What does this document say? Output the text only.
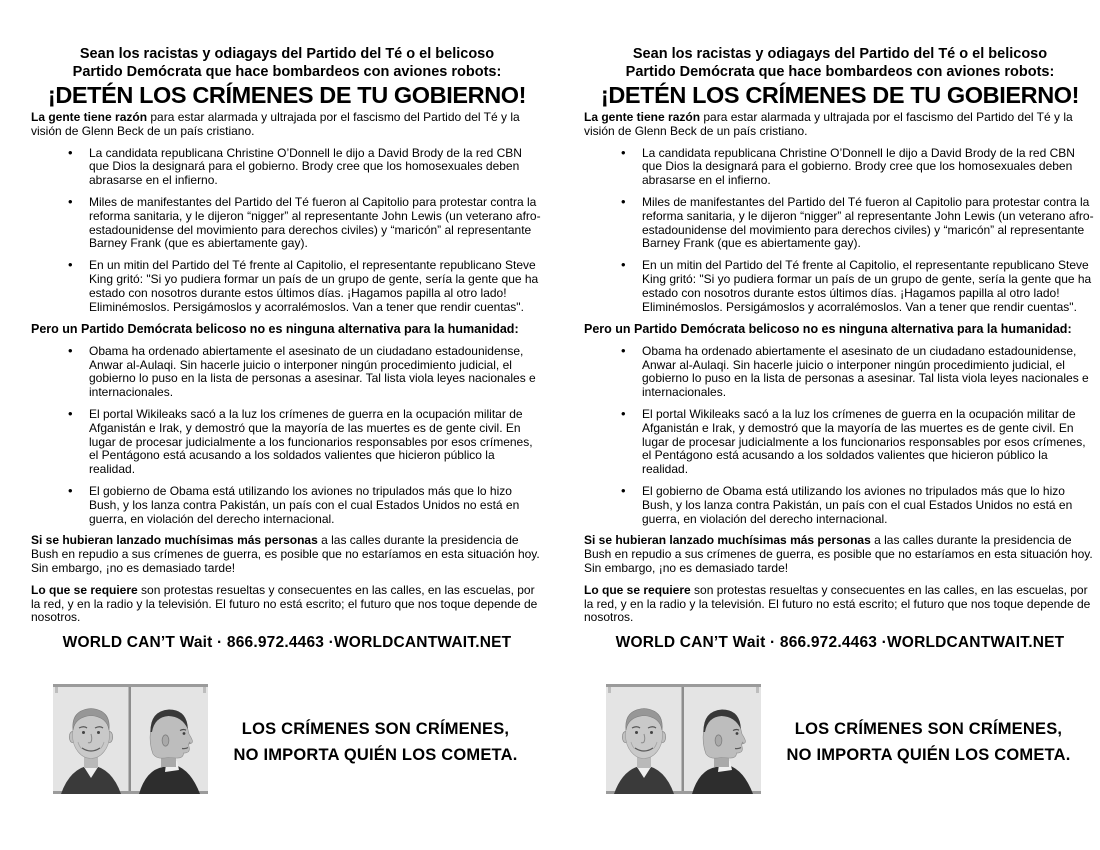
Sean los racistas y odiagays del Partido del Té o el belicoso
Partido Demócrata que hace bombardeos con aviones robots:
¡DETÉN LOS CRÍMENES DE TU GOBIERNO!

La gente tiene razón para estar alarmada y ultrajada por el fascismo del Partido del Té y la visión de Glenn Beck de un país cristiano.

• La candidata republicana Christine O’Donnell le dijo a David Brody de la red CBN que Dios la designará para el gobierno. Brody cree que los homosexuales deben abrasarse en el infierno.
• Miles de manifestantes del Partido del Té fueron al Capitolio para protestar contra la reforma sanitaria, y le dijeron “nigger” al representante John Lewis (un veterano afro-estadounidense del movimiento para derechos civiles) y “maricón” al representante Barney Frank (que es abiertamente gay).
• En un mitin del Partido del Té frente al Capitolio, el representante republicano Steve King gritó: "Si yo pudiera formar un país de un grupo de gente, sería la gente que ha estado con nosotros durante estos últimos días. ¡Hagamos papilla al otro lado! Eliminémoslos. Persigámoslos y acorralémoslos. Van a tener que rendir cuentas".
Pero un Partido Demócrata belicoso no es ninguna alternativa para la humanidad:
• Obama ha ordenado abiertamente el asesinato de un ciudadano estadounidense, Anwar al-Aulaqi. Sin hacerle juicio o interponer ningún procedimiento judicial, el gobierno lo puso en la lista de personas a asesinar. Tal lista viola leyes nacionales e internacionales.
• El portal Wikileaks sacó a la luz los crímenes de guerra en la ocupación militar de Afganistán e Irak, y demostró que la mayoría de las muertes es de gente civil. En lugar de procesar judicialmente a los funcionarios responsables por esos crímenes, el Pentágono está acusando a los soldados valientes que hicieron público la realidad.
• El gobierno de Obama está utilizando los aviones no tripulados más que lo hizo Bush, y los lanza contra Pakistán, un país con el cual Estados Unidos no está en guerra, en violación del derecho internacional.

Si se hubieran lanzado muchísimas más personas a las calles durante la presidencia de Bush en repudio a sus crímenes de guerra, es posible que no estaríamos en esta situación hoy. Sin embargo, ¡no es demasiado tarde!

Lo que se requiere son protestas resueltas y consecuentes en las calles, en las escuelas, por la red, y en la radio y la televisión. El futuro no está escrito; el futuro que nos toque depende de nosotros.

WORLD CAN’T Wait · 866.972.4463 ·WORLDCANTWAIT.NET
LOS CRÍMENES SON CRÍMENES,
NO IMPORTA QUIÉN LOS COMETA.
Sean los racistas y odiagays del Partido del Té o el belicoso
Partido Demócrata que hace bombardeos con aviones robots:
¡DETÉN LOS CRÍMENES DE TU GOBIERNO!

La gente tiene razón para estar alarmada y ultrajada por el fascismo del Partido del Té y la visión de Glenn Beck de un país cristiano.

• La candidata republicana Christine O’Donnell le dijo a David Brody de la red CBN que Dios la designará para el gobierno. Brody cree que los homosexuales deben abrasarse en el infierno.
• Miles de manifestantes del Partido del Té fueron al Capitolio para protestar contra la reforma sanitaria, y le dijeron “nigger” al representante John Lewis (un veterano afro-estadounidense del movimiento para derechos civiles) y “maricón” al representante Barney Frank (que es abiertamente gay).
• En un mitin del Partido del Té frente al Capitolio, el representante republicano Steve King gritó: "Si yo pudiera formar un país de un grupo de gente, sería la gente que ha estado con nosotros durante estos últimos días. ¡Hagamos papilla al otro lado! Eliminémoslos. Persigámoslos y acorralémoslos. Van a tener que rendir cuentas".
Pero un Partido Demócrata belicoso no es ninguna alternativa para la humanidad:
• Obama ha ordenado abiertamente el asesinato de un ciudadano estadounidense, Anwar al-Aulaqi. Sin hacerle juicio o interponer ningún procedimiento judicial, el gobierno lo puso en la lista de personas a asesinar. Tal lista viola leyes nacionales e internacionales.
• El portal Wikileaks sacó a la luz los crímenes de guerra en la ocupación militar de Afganistán e Irak, y demostró que la mayoría de las muertes es de gente civil. En lugar de procesar judicialmente a los funcionarios responsables por esos crímenes, el Pentágono está acusando a los soldados valientes que hicieron público la realidad.
• El gobierno de Obama está utilizando los aviones no tripulados más que lo hizo Bush, y los lanza contra Pakistán, un país con el cual Estados Unidos no está en guerra, en violación del derecho internacional.

Si se hubieran lanzado muchísimas más personas a las calles durante la presidencia de Bush en repudio a sus crímenes de guerra, es posible que no estaríamos en esta situación hoy. Sin embargo, ¡no es demasiado tarde!

Lo que se requiere son protestas resueltas y consecuentes en las calles, en las escuelas, por la red, y en la radio y la televisión. El futuro no está escrito; el futuro que nos toque depende de nosotros.

WORLD CAN’T Wait · 866.972.4463 ·WORLDCANTWAIT.NET
LOS CRÍMENES SON CRÍMENES,
NO IMPORTA QUIÉN LOS COMETA.
